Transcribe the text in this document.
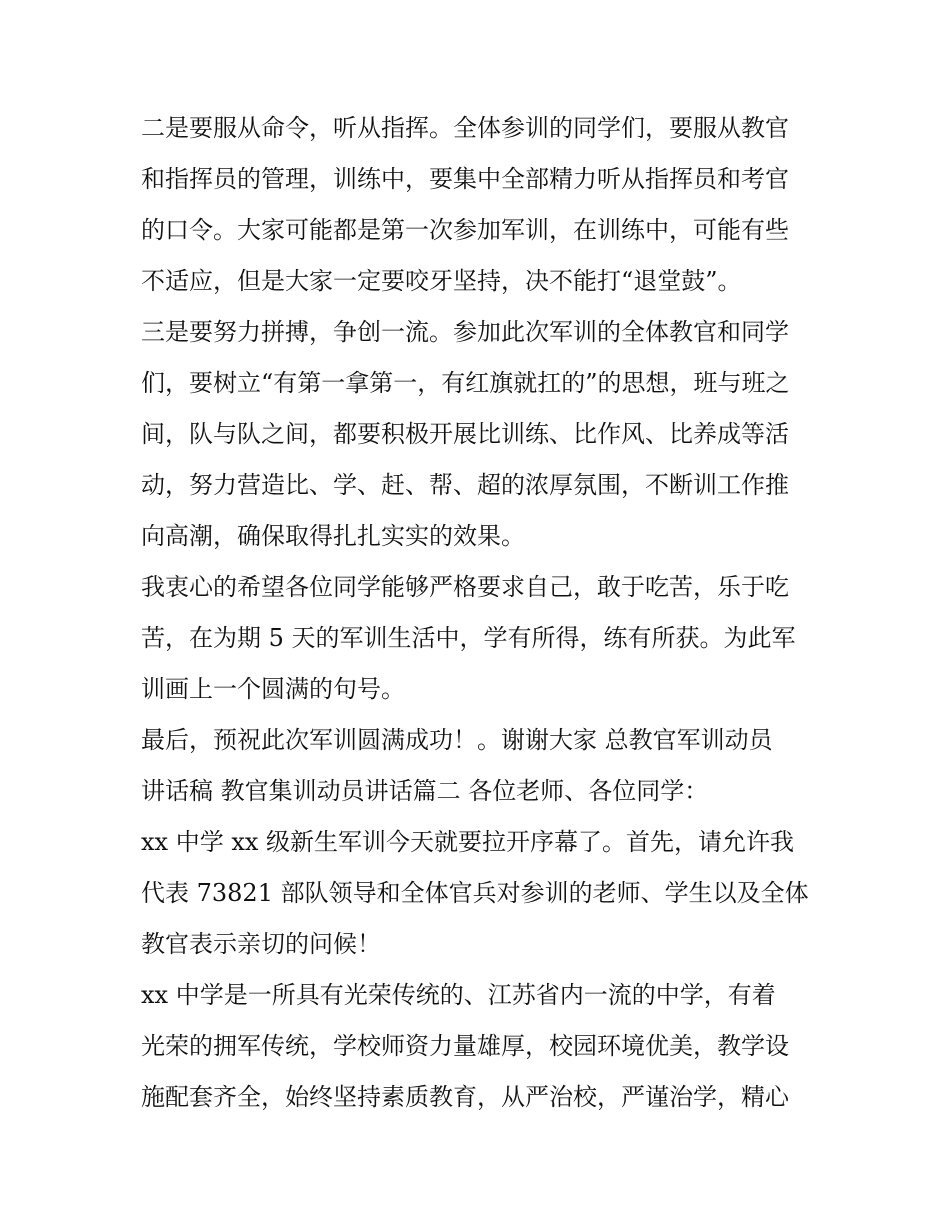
二是要服从命令，听从指挥。全体参训的同学们，要服从教官
和指挥员的管理，训练中，要集中全部精力听从指挥员和考官
的口令。大家可能都是第一次参加军训，在训练中，可能有些
不适应，但是大家一定要咬牙坚持，决不能打“退堂鼓”。
三是要努力拼搏，争创一流。参加此次军训的全体教官和同学
们，要树立“有第一拿第一，有红旗就扛的”的思想，班与班之
间，队与队之间，都要积极开展比训练、比作风、比养成等活
动，努力营造比、学、赶、帮、超的浓厚氛围，不断训工作推
向高潮，确保取得扎扎实实的效果。
我衷心的希望各位同学能够严格要求自己，敢于吃苦，乐于吃
苦，在为期 5 天的军训生活中，学有所得，练有所获。为此军
训画上一个圆满的句号。
最后，预祝此次军训圆满成功！。谢谢大家 总教官军训动员
讲话稿 教官集训动员讲话篇二 各位老师、各位同学：
xx 中学 xx 级新生军训今天就要拉开序幕了。首先，请允许我
代表 73821 部队领导和全体官兵对参训的老师、学生以及全体
教官表示亲切的问候！
xx 中学是一所具有光荣传统的、江苏省内一流的中学，有着
光荣的拥军传统，学校师资力量雄厚，校园环境优美，教学设
施配套齐全，始终坚持素质教育，从严治校，严谨治学，精心
